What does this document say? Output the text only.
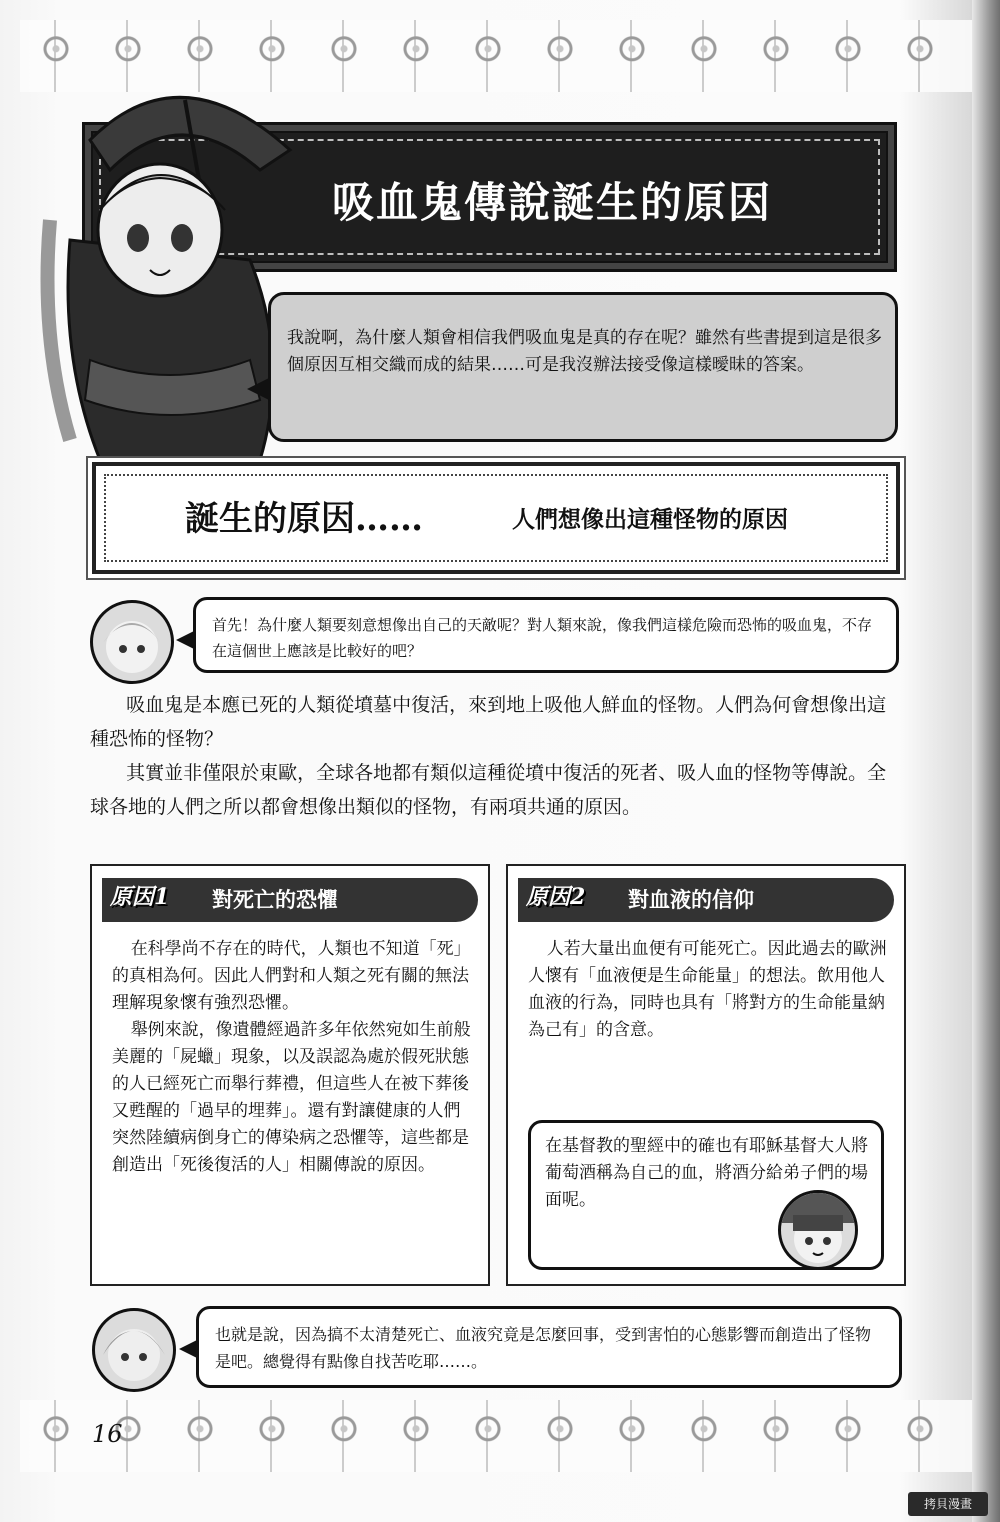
吸血鬼傳說誕生的原因
我說啊，為什麼人類會相信我們吸血鬼是真的存在呢？雖然有些書提到這是很多個原因互相交織而成的結果……可是我沒辦法接受像這樣曖昧的答案。
誕生的原因……	人們想像出這種怪物的原因
首先！為什麼人類要刻意想像出自己的天敵呢？對人類來說，像我們這樣危險而恐怖的吸血鬼，不存在這個世上應該是比較好的吧？
吸血鬼是本應已死的人類從墳墓中復活，來到地上吸他人鮮血的怪物。人們為何會想像出這種恐怖的怪物？
其實並非僅限於東歐，全球各地都有類似這種從墳中復活的死者、吸人血的怪物等傳說。全球各地的人們之所以都會想像出類似的怪物，有兩項共通的原因。
原因1	對死亡的恐懼

在科學尚不存在的時代，人類也不知道「死」的真相為何。因此人們對和人類之死有關的無法理解現象懷有強烈恐懼。

舉例來說，像遺體經過許多年依然宛如生前般美麗的「屍蠟」現象，以及誤認為處於假死狀態的人已經死亡而舉行葬禮，但這些人在被下葬後又甦醒的「過早的埋葬」。還有對讓健康的人們突然陸續病倒身亡的傳染病之恐懼等，這些都是創造出「死後復活的人」相關傳說的原因。

原因2	對血液的信仰

人若大量出血便有可能死亡。因此過去的歐洲人懷有「血液便是生命能量」的想法。飲用他人血液的行為，同時也具有「將對方的生命能量納為己有」的含意。

在基督教的聖經中的確也有耶穌基督大人將葡萄酒稱為自己的血，將酒分給弟子們的場面呢。
也就是說，因為搞不太清楚死亡、血液究竟是怎麼回事，受到害怕的心態影響而創造出了怪物是吧。總覺得有點像自找苦吃耶……。
16
拷貝漫畫
